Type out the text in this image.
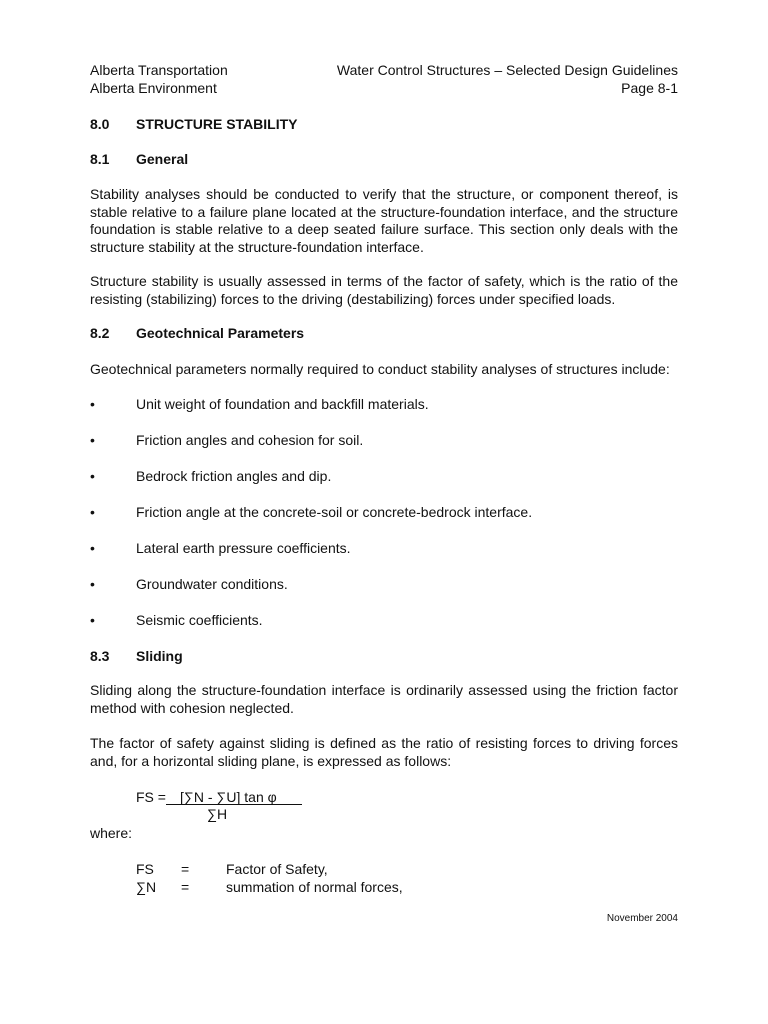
Alberta Transportation
Alberta Environment
Water Control Structures – Selected Design Guidelines
Page 8-1
8.0 STRUCTURE STABILITY
8.1 General

Stability analyses should be conducted to verify that the structure, or component thereof, is stable relative to a failure plane located at the structure-foundation interface, and the structure foundation is stable relative to a deep seated failure surface. This section only deals with the structure stability at the structure-foundation interface.

Structure stability is usually assessed in terms of the factor of safety, which is the ratio of the resisting (stabilizing) forces to the driving (destabilizing) forces under specified loads.

8.2 Geotechnical Parameters
Geotechnical parameters normally required to conduct stability analyses of structures include:
•	Unit weight of foundation and backfill materials.
•	Friction angles and cohesion for soil.
•	Bedrock friction angles and dip.
•	Friction angle at the concrete-soil or concrete-bedrock interface.
•	Lateral earth pressure coefficients.
•	Groundwater conditions.
•	Seismic coefficients.
8.3 Sliding

Sliding along the structure-foundation interface is ordinarily assessed using the friction factor method with cohesion neglected.

The factor of safety against sliding is defined as the ratio of resisting forces to driving forces and, for a horizontal sliding plane, is expressed as follows:

FS = [∑N - ∑U] tan φ
∑H
where:
FS =	Factor of Safety,
∑N =	summation of normal forces,
November 2004
